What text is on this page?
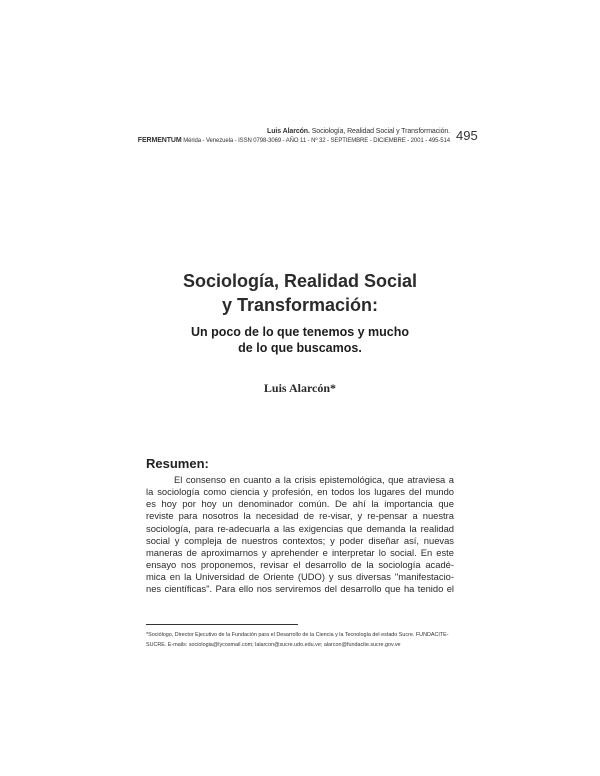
Luis Alarcón. Sociología, Realidad Social y Transformación.
FERMENTUM Mérida - Venezuela - ISSN 0798-3069 - AÑO 11 - Nº 32 - SEPTIEMBRE - DICIEMBRE - 2001 - 495-514 495
Sociología, Realidad Social
y Transformación:
Un poco de lo que tenemos y mucho
de lo que buscamos.
Luis Alarcón*
Resumen:
El consenso en cuanto a la crisis epistemológica, que atraviesa a
la sociología como ciencia y profesión, en todos los lugares del mundo
es hoy por hoy un denominador común. De ahí la importancia que
reviste para nosotros la necesidad de re-visar, y re-pensar a nuestra
sociología, para re-adecuarla a las exigencias que demanda la realidad
social y compleja de nuestros contextos; y poder diseñar así, nuevas
maneras de aproximarnos y aprehender e interpretar lo social. En este
ensayo nos proponemos, revisar el desarrollo de la sociología acadé-
mica en la Universidad de Oriente (UDO) y sus diversas "manifestacio-
nes científicas". Para ello nos serviremos del desarrollo que ha tenido el
*Sociólogo, Director Ejecutivo de la Fundación para el Desarrollo de la Ciencia y la Tecnología del estado Sucre. FUNDACITE-
SUCRE. E-mails: sociologia@lycosmail.com; lalarcon@sucre.udo.edu.ve; alarcon@fundacite.sucre.gov.ve
